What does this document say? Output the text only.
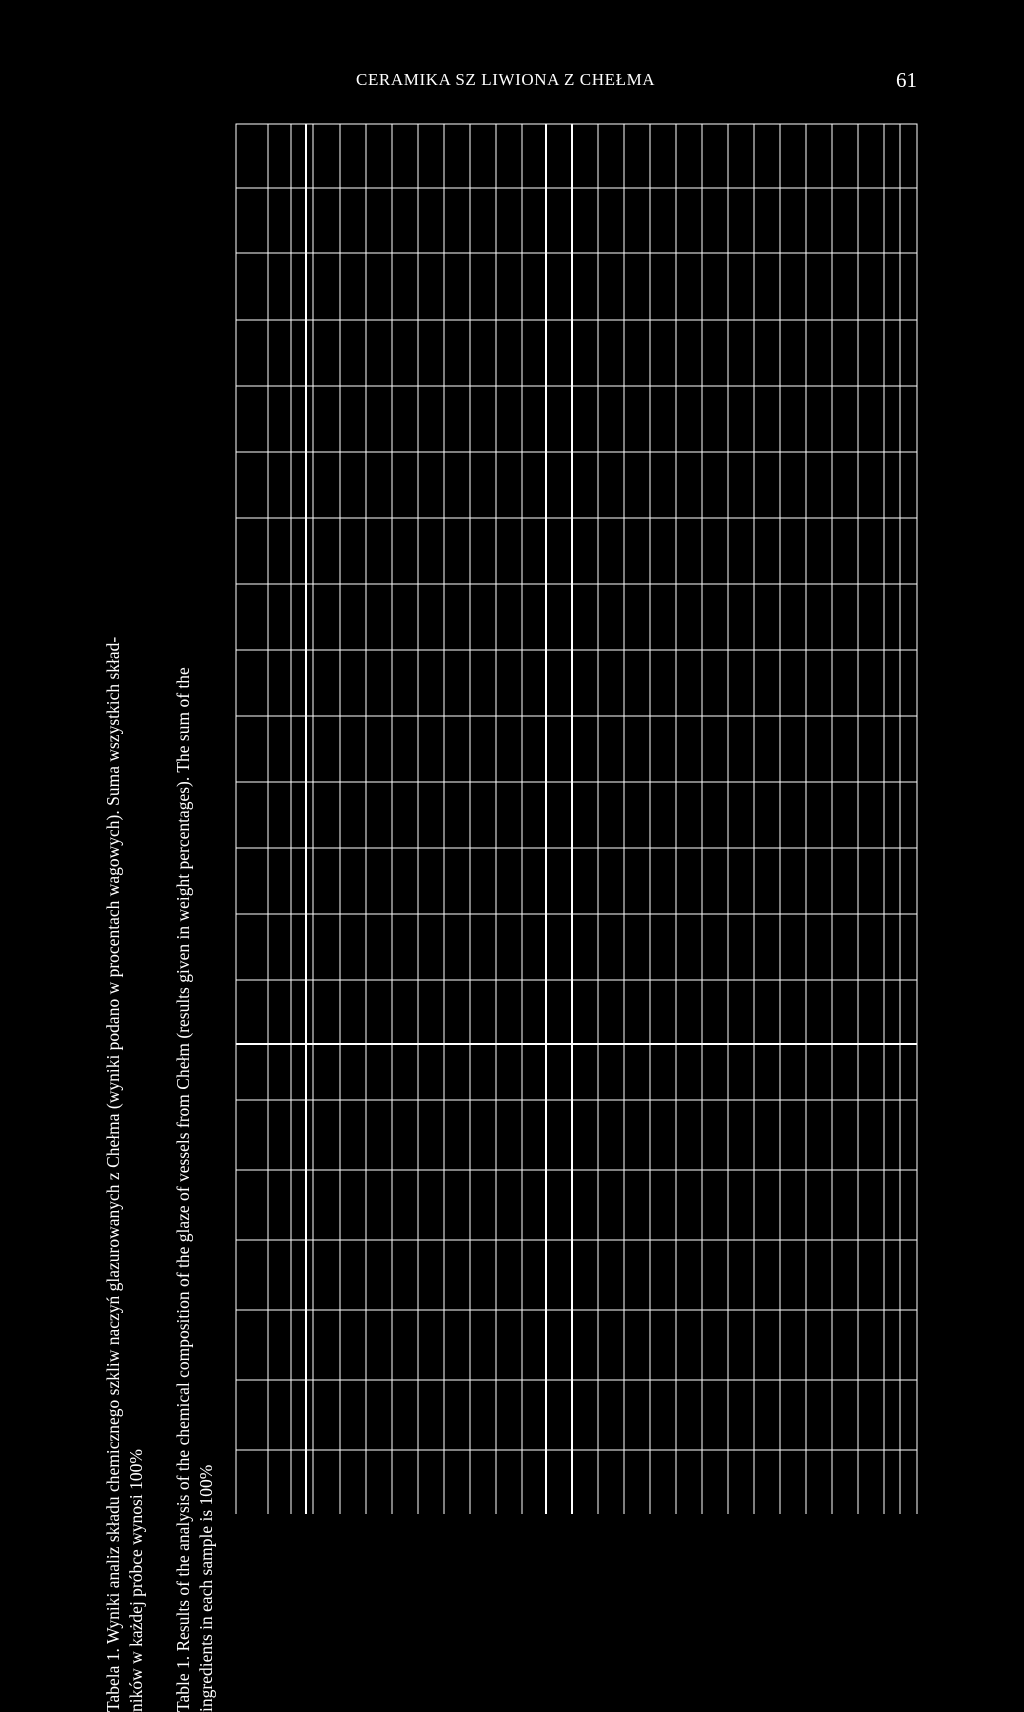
CERAMIKA SZ LIWIONA Z CHEŁMA	61
Tabela 1. Wyniki analiz składu chemicznego szkliw naczyń glazurowanych z Chełma (wyniki podano w procentach wagowych). Suma wszystkich skład- ników w każdej próbce wynosi 100% Table 1. Results of the analysis of the chemical composition of the glaze of vessels from Chełm (results given in weight percentages). The sum of the ingredients in each sample is 100%
